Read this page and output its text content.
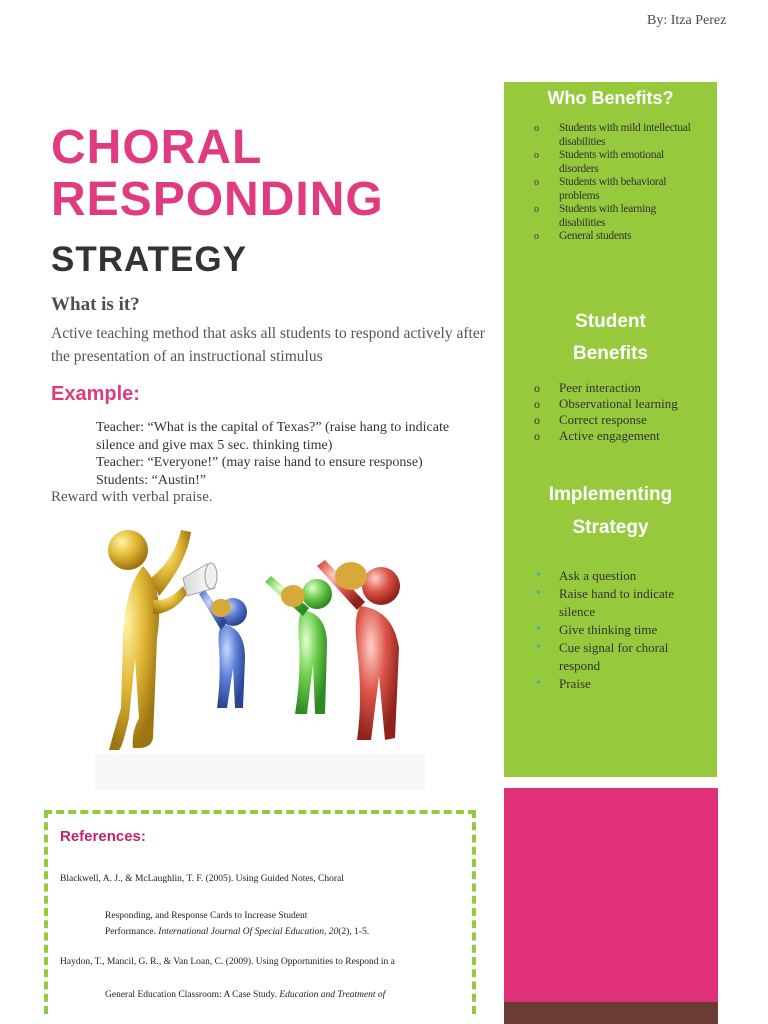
By: Itza Perez
CHORAL
RESPONDING
STRATEGY
What is it?
Active teaching method that asks all students to respond actively after the presentation of an instructional stimulus
Example:
Teacher: “What is the capital of Texas?” (raise hang to indicate silence and give max 5 sec. thinking time)
Teacher: “Everyone!” (may raise hand to ensure response)
Students: “Austin!”
Reward with verbal praise.
Who Benefits?
o Students with mild intellectual disabilities
o Students with emotional disorders
o Students with behavioral problems
o Students with learning disabilities
o General students
Student
Benefits
o Peer interaction
o Observational learning
o Correct response
o Active engagement
Implementing
Strategy
• Ask a question
• Raise hand to indicate silence
• Give thinking time
• Cue signal for choral respond
• Praise
References:
Blackwell, A. J., & McLaughlin, T. F. (2005). Using Guided Notes, Choral
Responding, and Response Cards to Increase Student
Performance. International Journal Of Special Education, 20(2), 1-5.
Haydon, T., Mancil, G. R., & Van Loan, C. (2009). Using Opportunities to Respond in a
General Education Classroom: A Case Study. Education and Treatment of
